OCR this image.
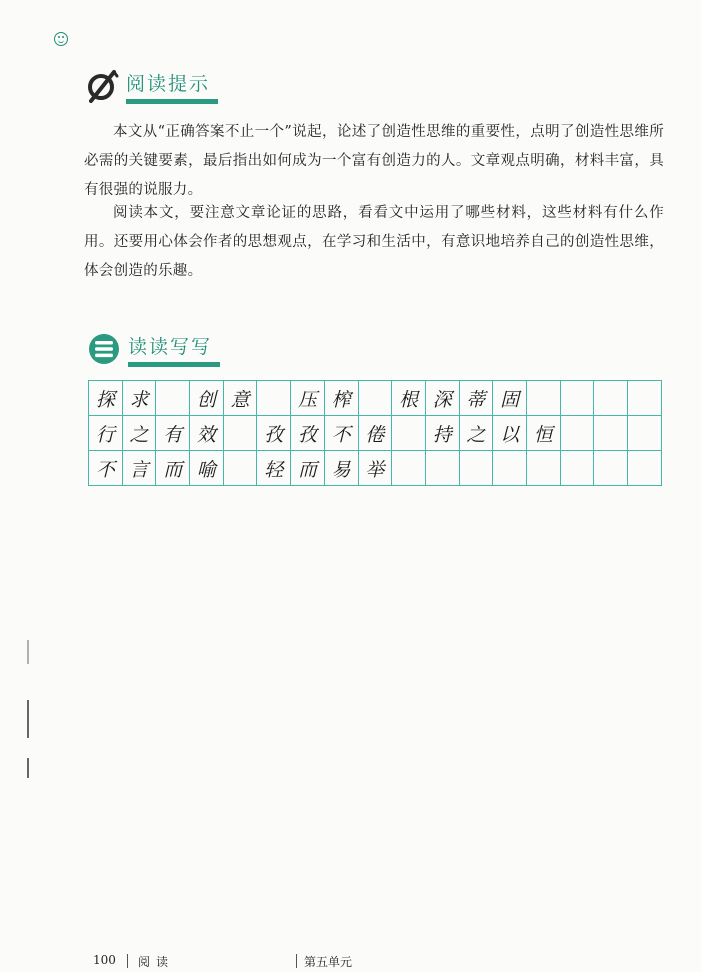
阅读提示

本文从“正确答案不止一个”说起，论述了创造性思维的重要性，点明了创造性思维所必需的关键要素，最后指出如何成为一个富有创造力的人。文章观点明确，材料丰富，具有很强的说服力。

阅读本文，要注意文章论证的思路，看看文中运用了哪些材料，这些材料有什么作用。还要用心体会作者的思想观点，在学习和生活中，有意识地培养自己的创造性思维，体会创造的乐趣。

读读写写
探 求	创 意	压 榨	根 深 蒂 固
行 之 有 效	孜 孜 不 倦	持 之 以 恒
不 言 而 喻	轻 而 易 举
100 阅读	第五单元
